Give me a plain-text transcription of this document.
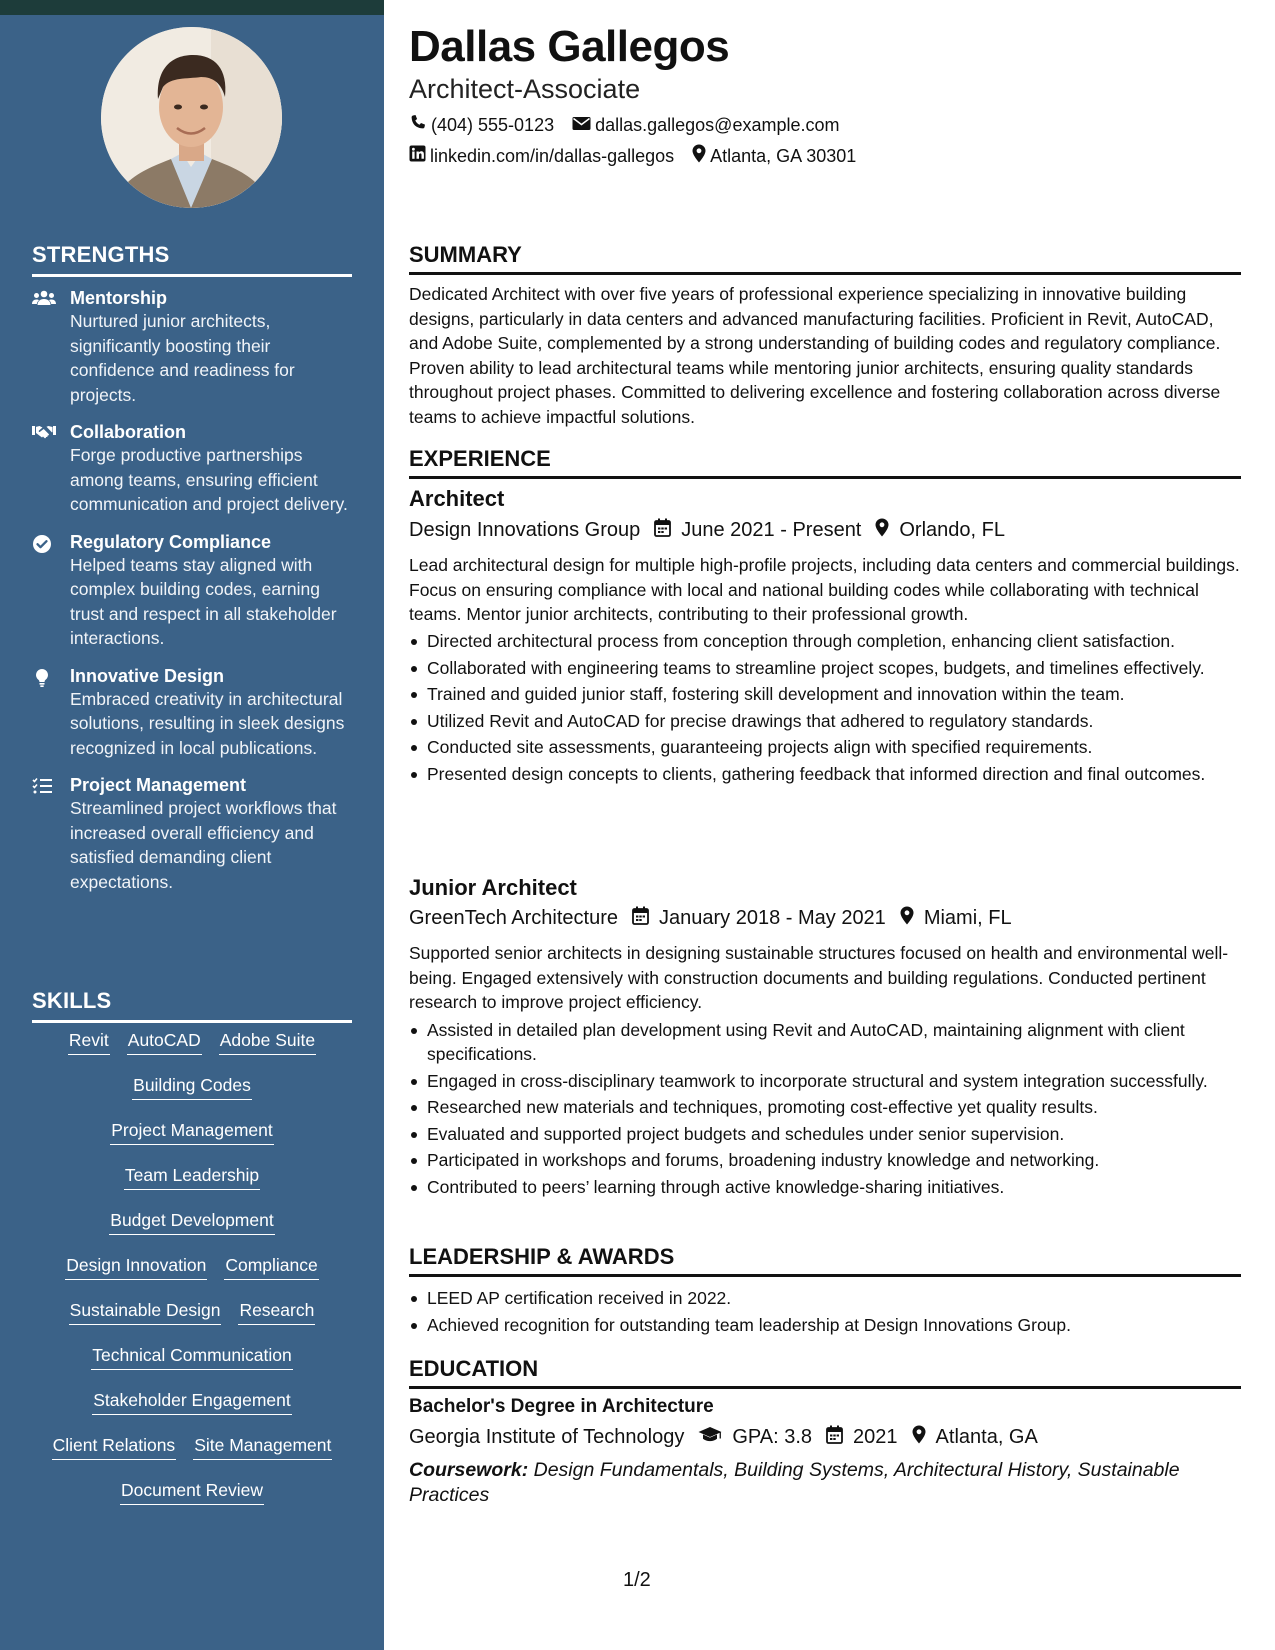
STRENGTHS
Mentorship
Nurtured junior architects, significantly boosting their confidence and readiness for projects.
Collaboration
Forge productive partnerships among teams, ensuring efficient communication and project delivery.
Regulatory Compliance
Helped teams stay aligned with complex building codes, earning trust and respect in all stakeholder interactions.
Innovative Design
Embraced creativity in architectural solutions, resulting in sleek designs recognized in local publications.
Project Management
Streamlined project workflows that increased overall efficiency and satisfied demanding client expectations.
SKILLS
Revit AutoCAD Adobe Suite
Building Codes
Project Management
Team Leadership
Budget Development
Design Innovation Compliance
Sustainable Design Research
Technical Communication
Stakeholder Engagement
Client Relations Site Management
Document Review
Dallas Gallegos
Architect-Associate
(404) 555-0123 dallas.gallegos@example.com
linkedin.com/in/dallas-gallegos Atlanta, GA 30301
SUMMARY
Dedicated Architect with over five years of professional experience specializing in innovative building designs, particularly in data centers and advanced manufacturing facilities. Proficient in Revit, AutoCAD, and Adobe Suite, complemented by a strong understanding of building codes and regulatory compliance. Proven ability to lead architectural teams while mentoring junior architects, ensuring quality standards throughout project phases. Committed to delivering excellence and fostering collaboration across diverse teams to achieve impactful solutions.
EXPERIENCE
Architect
Design Innovations Group June 2021 - Present Orlando, FL
Lead architectural design for multiple high-profile projects, including data centers and commercial buildings. Focus on ensuring compliance with local and national building codes while collaborating with technical teams. Mentor junior architects, contributing to their professional growth.
Directed architectural process from conception through completion, enhancing client satisfaction.
Collaborated with engineering teams to streamline project scopes, budgets, and timelines effectively.
Trained and guided junior staff, fostering skill development and innovation within the team.
Utilized Revit and AutoCAD for precise drawings that adhered to regulatory standards.
Conducted site assessments, guaranteeing projects align with specified requirements.
Presented design concepts to clients, gathering feedback that informed direction and final outcomes.
Junior Architect
GreenTech Architecture January 2018 - May 2021 Miami, FL
Supported senior architects in designing sustainable structures focused on health and environmental well-being. Engaged extensively with construction documents and building regulations. Conducted pertinent research to improve project efficiency.
Assisted in detailed plan development using Revit and AutoCAD, maintaining alignment with client specifications.
Engaged in cross-disciplinary teamwork to incorporate structural and system integration successfully.
Researched new materials and techniques, promoting cost-effective yet quality results.
Evaluated and supported project budgets and schedules under senior supervision.
Participated in workshops and forums, broadening industry knowledge and networking.
Contributed to peers’ learning through active knowledge-sharing initiatives.
LEADERSHIP & AWARDS
LEED AP certification received in 2022.
Achieved recognition for outstanding team leadership at Design Innovations Group.
EDUCATION
Bachelor's Degree in Architecture
Georgia Institute of Technology GPA: 3.8 2021 Atlanta, GA
Coursework: Design Fundamentals, Building Systems, Architectural History, Sustainable Practices
1/2
